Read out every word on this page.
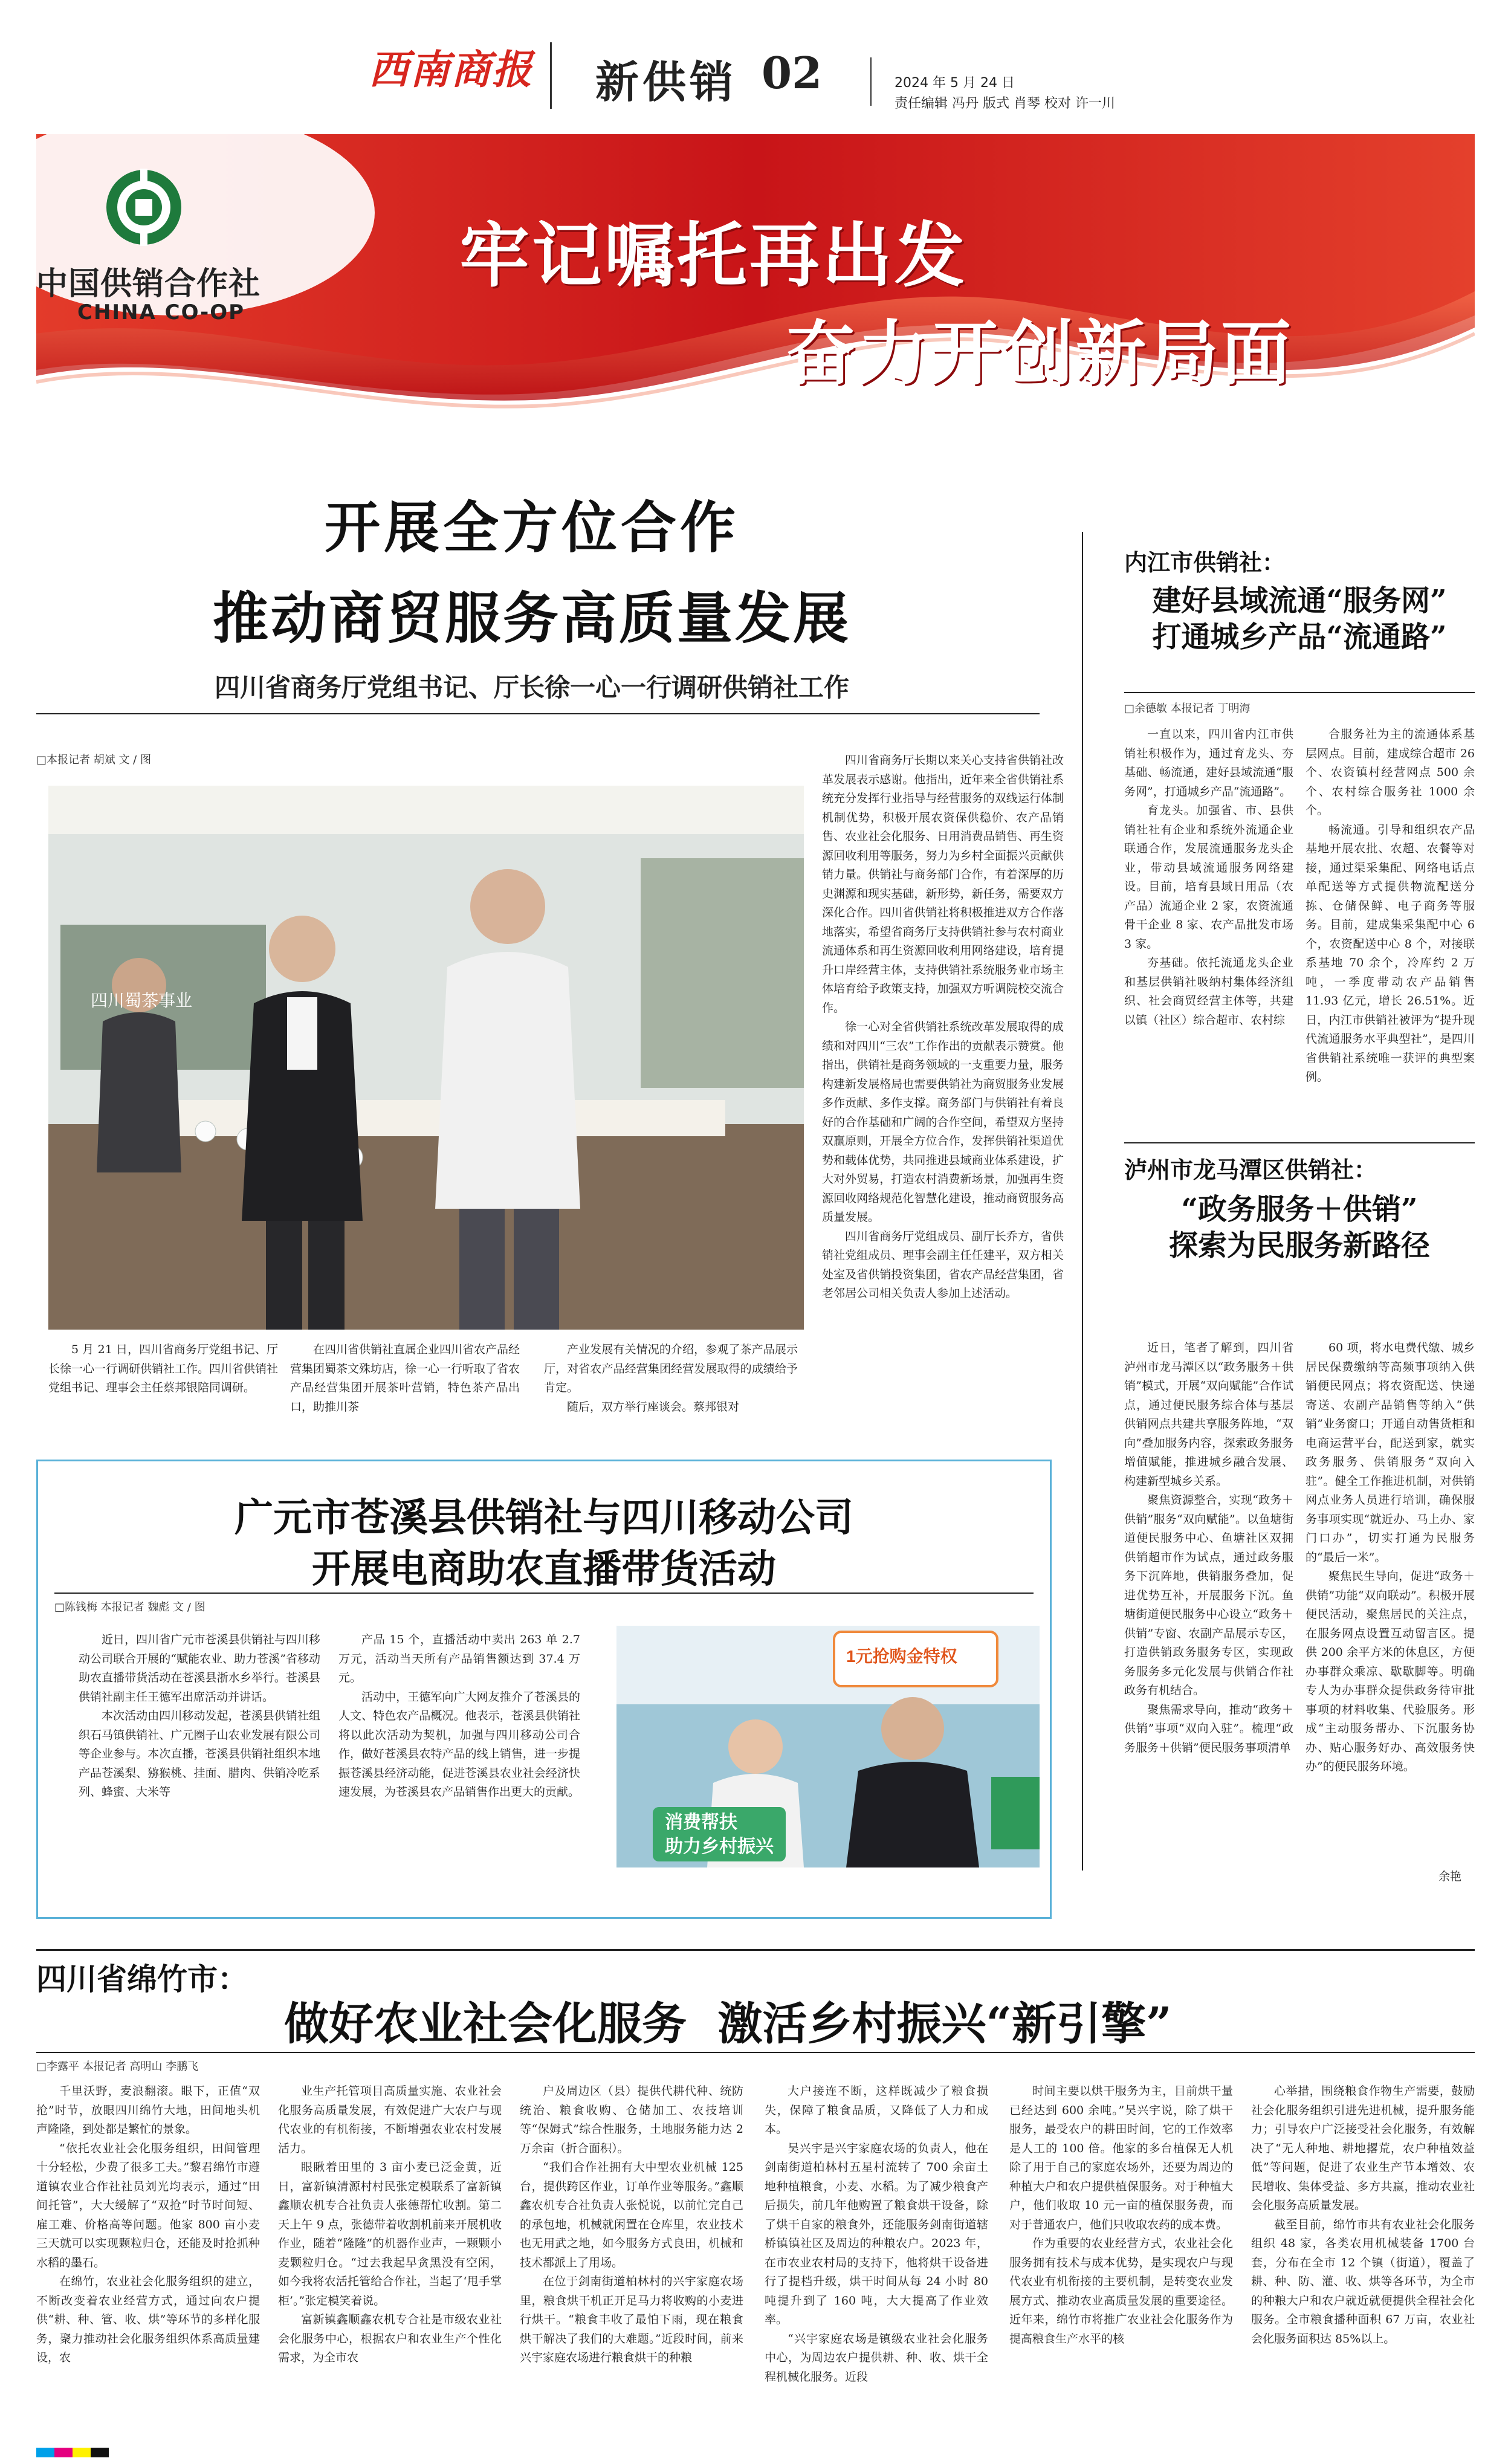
西南商报 新供销 02	2024 年 5 月 24 日
责任编辑 冯丹 版式 肖琴 校对 许一川
中国供销合作社
CHINA CO-OP
牢记嘱托再出发
奋力开创新局面
开展全方位合作
推动商贸服务高质量发展
四川省商务厅党组书记、厅长徐一心一行调研供销社工作
□本报记者 胡斌 文 / 图
四川蜀茶事业

5 月 21 日，四川省商务厅党组书记、厅长徐一心一行调研供销社工作。四川省供销社党组书记、理事会主任蔡邦银陪同调研。

在四川省供销社直属企业四川省农产品经营集团蜀茶文殊坊店，徐一心一行听取了省农产品经营集团开展茶叶营销，特色茶产品出口，助推川茶

产业发展有关情况的介绍，参观了茶产品展示厅，对省农产品经营集团经营发展取得的成绩给予肯定。

随后，双方举行座谈会。蔡邦银对

四川省商务厅长期以来关心支持省供销社改革发展表示感谢。他指出，近年来全省供销社系统充分发挥行业指导与经营服务的双线运行体制机制优势，积极开展农资保供稳价、农产品销售、农业社会化服务、日用消费品销售、再生资源回收利用等服务，努力为乡村全面振兴贡献供销力量。供销社与商务部门合作，有着深厚的历史渊源和现实基础，新形势，新任务，需要双方深化合作。四川省供销社将积极推进双方合作落地落实，希望省商务厅支持供销社参与农村商业流通体系和再生资源回收利用网络建设，培育提升口岸经营主体，支持供销社系统服务业市场主体培育给予政策支持，加强双方听调院校交流合作。

徐一心对全省供销社系统改革发展取得的成绩和对四川“三农”工作作出的贡献表示赞赏。他指出，供销社是商务领域的一支重要力量，服务构建新发展格局也需要供销社为商贸服务业发展多作贡献、多作支撑。商务部门与供销社有着良好的合作基础和广阔的合作空间，希望双方坚持双赢原则，开展全方位合作，发挥供销社渠道优势和载体优势，共同推进县域商业体系建设，扩大对外贸易，打造农村消费新场景，加强再生资源回收网络规范化智慧化建设，推动商贸服务高质量发展。

四川省商务厅党组成员、副厅长乔方，省供销社党组成员、理事会副主任任建平，双方相关处室及省供销投资集团，省农产品经营集团，省老邻居公司相关负责人参加上述活动。

内江市供销社：
建好县域流通“服务网”
打通城乡产品“流通路”
□余德敏 本报记者 丁明海

一直以来，四川省内江市供销社积极作为，通过育龙头、夯基础、畅流通，建好县域流通“服务网”，打通城乡产品“流通路”。

育龙头。加强省、市、县供销社社有企业和系统外流通企业联通合作，发展流通服务龙头企业，带动县域流通服务网络建设。目前，培育县域日用品（农产品）流通企业 2 家，农资流通骨干企业 8 家、农产品批发市场 3 家。

夯基础。依托流通龙头企业和基层供销社吸纳村集体经济组织、社会商贸经营主体等，共建以镇（社区）综合超市、农村综

合服务社为主的流通体系基层网点。目前，建成综合超市 26 个、农资镇村经营网点 500 余个、农村综合服务社 1000 余个。

畅流通。引导和组织农产品基地开展农批、农超、农餐等对接，通过渠采集配、网络电话点单配送等方式提供物流配送分拣、仓储保鲜、电子商务等服务。目前，建成集采集配中心 6 个，农资配送中心 8 个，对接联系基地 70 余个，冷库约 2 万吨，一季度带动农产品销售 11.93 亿元，增长 26.51%。近日，内江市供销社被评为“提升现代流通服务水平典型社”，是四川省供销社系统唯一获评的典型案例。

泸州市龙马潭区供销社：
“政务服务＋供销”
探索为民服务新路径

近日，笔者了解到，四川省泸州市龙马潭区以“政务服务＋供销”模式，开展“双向赋能”合作试点，通过便民服务综合体与基层供销网点共建共享服务阵地，“双向”叠加服务内容，探索政务服务增值赋能，推进城乡融合发展、构建新型城乡关系。

聚焦资源整合，实现“政务＋供销”服务“双向赋能”。以鱼塘街道便民服务中心、鱼塘社区双拥供销超市作为试点，通过政务服务下沉阵地，供销服务叠加，促进优势互补，开展服务下沉。鱼塘街道便民服务中心设立“政务＋供销”专窗、农副产品展示专区，打造供销政务服务专区，实现政务服务多元化发展与供销合作社政务有机结合。

聚焦需求导向，推动“政务＋供销”事项“双向入驻”。梳理“政务服务＋供销”便民服务事项清单

60 项，将水电费代缴、城乡居民保费缴纳等高频事项纳入供销便民网点；将农资配送、快递寄送、农副产品销售等纳入“供销”业务窗口；开通自动售货柜和电商运营平台，配送到家，就实政务服务、供销服务“双向入驻”。健全工作推进机制，对供销网点业务人员进行培训，确保服务事项实现“就近办、马上办、家门口办”，切实打通为民服务的“最后一米”。

聚焦民生导向，促进“政务＋供销”功能“双向联动”。积极开展便民活动，聚焦居民的关注点，在服务网点设置互动留言区。提供 200 余平方米的休息区，方便办事群众乘凉、歇歇脚等。明确专人为办事群众提供政务待审批事项的材料收集、代验服务。形成“主动服务帮办、下沉服务协办、贴心服务好办、高效服务快办”的便民服务环境。

余艳
广元市苍溪县供销社与四川移动公司
开展电商助农直播带货活动
□陈钱梅 本报记者 魏彪 文 / 图

近日，四川省广元市苍溪县供销社与四川移动公司联合开展的“赋能农业、助力苍溪”省移动助农直播带货活动在苍溪县浙水乡举行。苍溪县供销社副主任王德军出席活动并讲话。

本次活动由四川移动发起，苍溪县供销社组织石马镇供销社、广元圈子山农业发展有限公司等企业参与。本次直播，苍溪县供销社组织本地产品苍溪梨、猕猴桃、挂面、腊肉、供销冷吃系列、蜂蜜、大米等

产品 15 个，直播活动中卖出 263 单 2.7 万元，活动当天所有产品销售额达到 37.4 万元。

活动中，王德军向广大网友推介了苍溪县的人文、特色农产品概况。他表示，苍溪县供销社将以此次活动为契机，加强与四川移动公司合作，做好苍溪县农特产品的线上销售，进一步提振苍溪县经济动能，促进苍溪县农业社会经济快速发展，为苍溪县农产品销售作出更大的贡献。

1元抢购金特权
消费帮扶
助力乡村振兴
四川省绵竹市：
做好农业社会化服务  激活乡村振兴“新引擎”
□李露平 本报记者 高明山 李鹏飞

千里沃野，麦浪翻滚。眼下，正值“双抢”时节，放眼四川绵竹大地，田间地头机声隆隆，到处都是繁忙的景象。

“依托农业社会化服务组织，田间管理十分轻松，少费了很多工夫。”黎君绵竹市遵道镇农业合作社社员刘光均表示，通过“田间托管”，大大缓解了“双抢”时节时间短、雇工难、价格高等问题。他家 800 亩小麦三天就可以实现颗粒归仓，还能及时抢抓种水稻的墨石。

在绵竹，农业社会化服务组织的建立，不断改变着农业经营方式，通过向农户提供“耕、种、管、收、烘”等环节的多样化服务，聚力推动社会化服务组织体系高质量建设，农

业生产托管项目高质量实施、农业社会化服务高质量发展，有效促进广大农户与现代农业的有机衔接，不断增强农业农村发展活力。

眼瞅着田里的 3 亩小麦已泛金黄，近日，富新镇清源村村民张定模联系了富新镇鑫顺农机专合社负责人张德帮忙收割。第二天上午 9 点，张德带着收割机前来开展机收作业，随着“隆隆”的机器作业声，一颗颗小麦颗粒归仓。“过去我起早贪黑没有空闲，如今我将农活托管给合作社，当起了‘甩手掌柜’。”张定模笑着说。

富新镇鑫顺鑫农机专合社是市级农业社会化服务中心，根据农户和农业生产个性化需求，为全市农

户及周边区（县）提供代耕代种、统防统治、粮食收购、仓储加工、农技培训等“保姆式”综合性服务，土地服务能力达 2 万余亩（折合面积）。

“我们合作社拥有大中型农业机械 125 台，提供跨区作业，订单作业等服务。”鑫顺鑫农机专合社负责人张悦说，以前忙完自己的承包地，机械就闲置在仓库里，农业技术也无用武之地，如今服务方式良田，机械和技术都派上了用场。

在位于剑南街道柏林村的兴宇家庭农场里，粮食烘干机正开足马力将收购的小麦进行烘干。“粮食丰收了最怕下雨，现在粮食烘干解决了我们的大难题。”近段时间，前来兴宇家庭农场进行粮食烘干的种粮

大户接连不断，这样既减少了粮食损失，保障了粮食品质，又降低了人力和成本。

吴兴宇是兴宇家庭农场的负责人，他在剑南街道柏林村五星村流转了 700 余亩土地种植粮食，小麦、水稻。为了减少粮食产后损失，前几年他购置了粮食烘干设备，除了烘干自家的粮食外，还能服务剑南街道辖桥镇镇社区及周边的种粮农户。2023 年，在市农业农村局的支持下，他将烘干设备进行了提档升级，烘干时间从每 24 小时 80 吨提升到了 160 吨，大大提高了作业效率。

“兴宇家庭农场是镇级农业社会化服务中心，为周边农户提供耕、种、收、烘干全程机械化服务。近段

时间主要以烘干服务为主，目前烘干量已经达到 600 余吨。”吴兴宇说，除了烘干服务，最受农户的耕田时间，它的工作效率是人工的 100 倍。他家的多台植保无人机除了用于自己的家庭农场外，还要为周边的种植大户和农户提供植保服务。对于种植大户，他们收取 10 元一亩的植保服务费，而对于普通农户，他们只收取农药的成本费。

作为重要的农业经营方式，农业社会化服务拥有技术与成本优势，是实现农户与现代农业有机衔接的主要机制，是转变农业发展方式、推动农业高质量发展的重要途径。近年来，绵竹市将推广农业社会化服务作为提高粮食生产水平的核

心举措，围绕粮食作物生产需要，鼓励社会化服务组织引进先进机械，提升服务能力；引导农户广泛接受社会化服务，有效解决了“无人种地、耕地撂荒，农户种植效益低”等问题，促进了农业生产节本增效、农民增收、集体受益、多方共赢，推动农业社会化服务高质量发展。

截至目前，绵竹市共有农业社会化服务组织 48 家，各类农用机械装备 1700 台套，分布在全市 12 个镇（街道），覆盖了耕、种、防、灌、收、烘等各环节，为全市的种粮大户和农户就近就便提供全程社会化服务。全市粮食播种面积 67 万亩，农业社会化服务面积达 85%以上。
